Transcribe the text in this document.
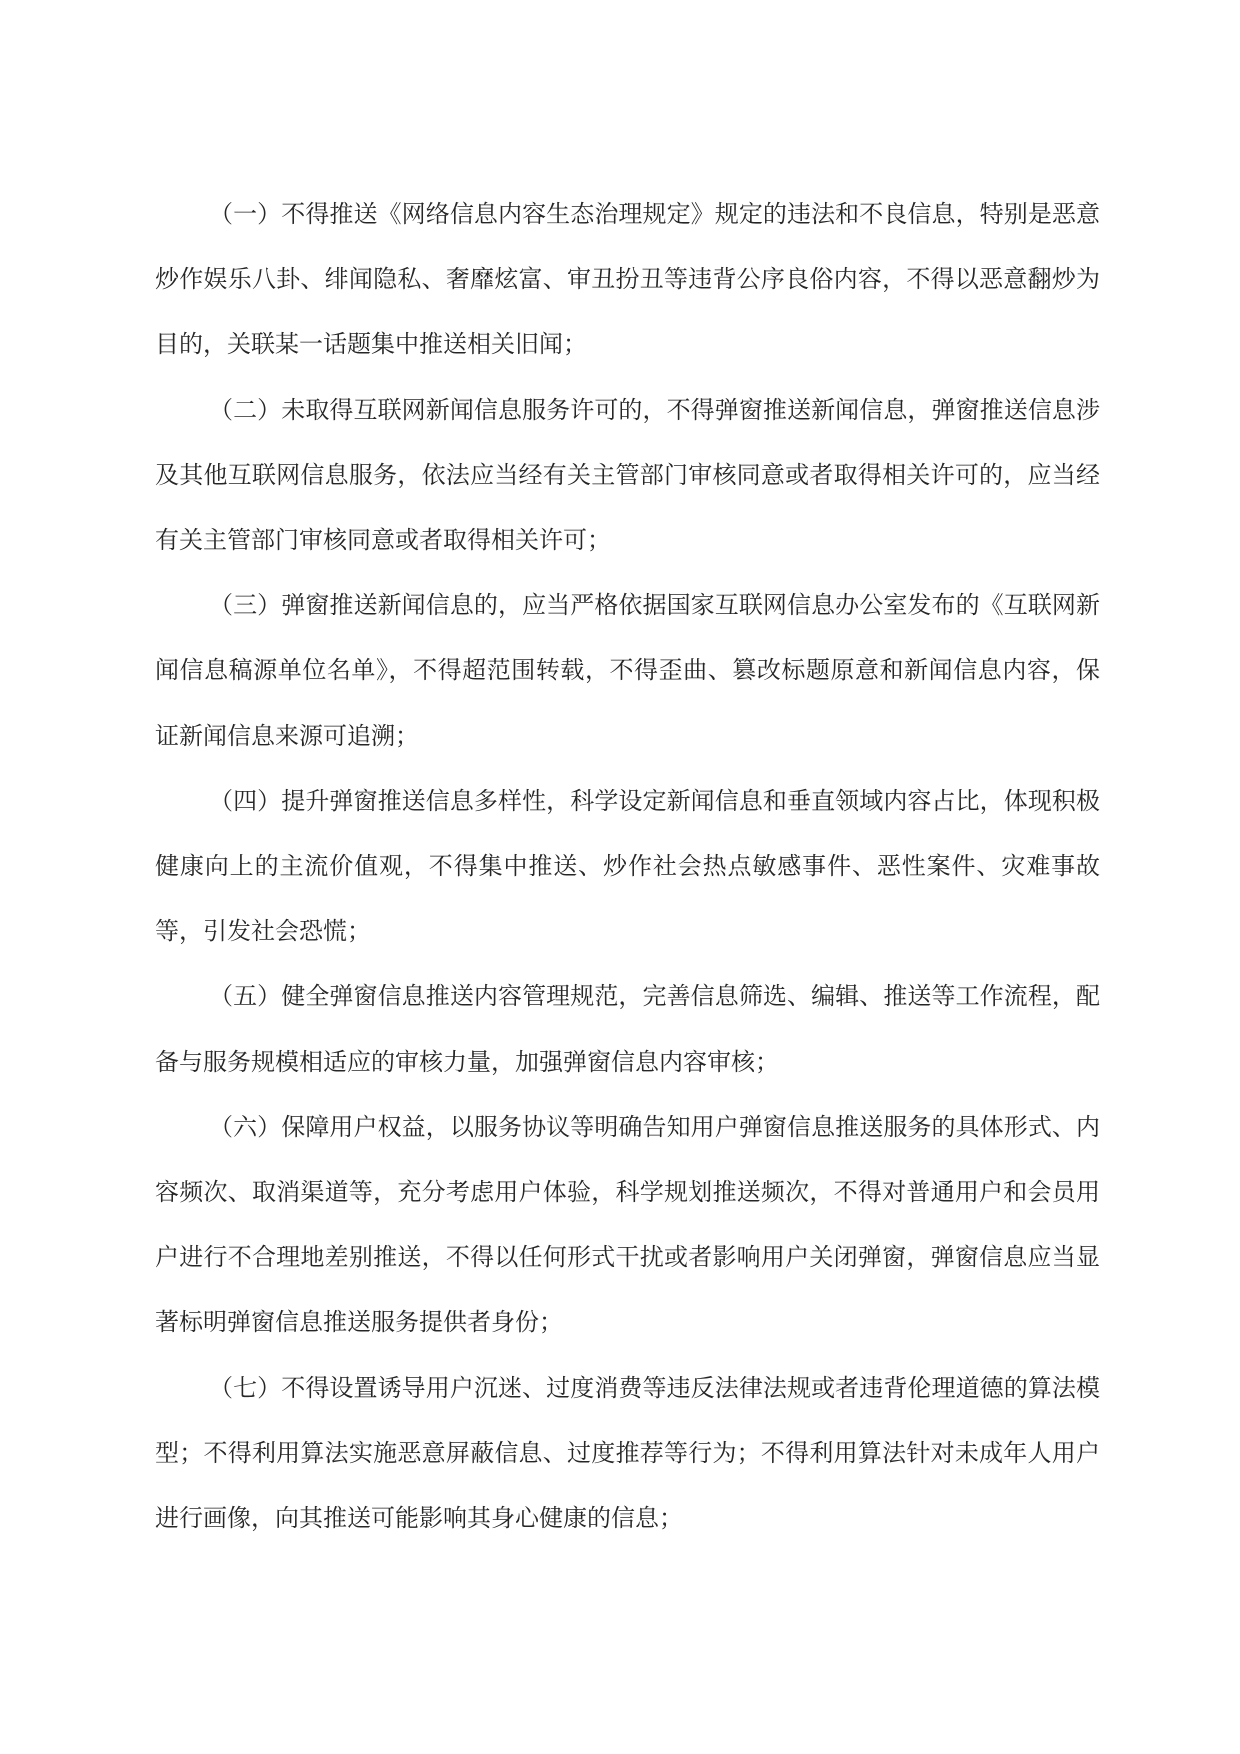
（一）不得推送《网络信息内容生态治理规定》规定的违法和不良信息，特别是恶意炒作娱乐八卦、绯闻隐私、奢靡炫富、审丑扮丑等违背公序良俗内容，不得以恶意翻炒为目的，关联某一话题集中推送相关旧闻；

（二）未取得互联网新闻信息服务许可的，不得弹窗推送新闻信息，弹窗推送信息涉及其他互联网信息服务，依法应当经有关主管部门审核同意或者取得相关许可的，应当经有关主管部门审核同意或者取得相关许可；

（三）弹窗推送新闻信息的，应当严格依据国家互联网信息办公室发布的《互联网新闻信息稿源单位名单》，不得超范围转载，不得歪曲、篡改标题原意和新闻信息内容，保证新闻信息来源可追溯；

（四）提升弹窗推送信息多样性，科学设定新闻信息和垂直领域内容占比，体现积极健康向上的主流价值观，不得集中推送、炒作社会热点敏感事件、恶性案件、灾难事故等，引发社会恐慌；

（五）健全弹窗信息推送内容管理规范，完善信息筛选、编辑、推送等工作流程，配备与服务规模相适应的审核力量，加强弹窗信息内容审核；

（六）保障用户权益，以服务协议等明确告知用户弹窗信息推送服务的具体形式、内容频次、取消渠道等，充分考虑用户体验，科学规划推送频次，不得对普通用户和会员用户进行不合理地差别推送，不得以任何形式干扰或者影响用户关闭弹窗，弹窗信息应当显著标明弹窗信息推送服务提供者身份；

（七）不得设置诱导用户沉迷、过度消费等违反法律法规或者违背伦理道德的算法模型；不得利用算法实施恶意屏蔽信息、过度推荐等行为；不得利用算法针对未成年人用户进行画像，向其推送可能影响其身心健康的信息；
